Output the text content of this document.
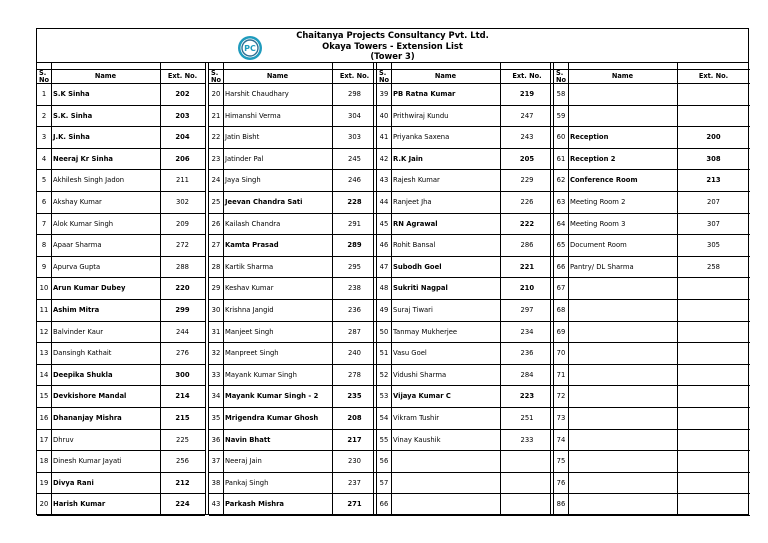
PC
Chaitanya Projects Consultancy Pvt. Ltd.
Okaya Towers - Extension List
(Tower 3)
S. No	Name	Ext. No.
1	S.K Sinha	202
2	S.K. Sinha	203
3	J.K. Sinha	204
4	Neeraj Kr Sinha	206
5	Akhilesh Singh Jadon	211
6	Akshay Kumar	302
7	Alok Kumar Singh	209
8	Apaar Sharma	272
9	Apurva Gupta	288
10 Arun Kumar Dubey	220
11 Ashim Mitra	299
12 Balvinder Kaur	244
13 Dansingh Kathait	276
14 Deepika Shukla	300
15 Devkishore Mandal	214
16 Dhananjay Mishra	215
17 Dhruv	225
18 Dinesh Kumar Jayati	256
19 Divya Rani	212
20 Harish Kumar	224
S. No	Name	Ext. No.
20 Harshit Chaudhary	298
21 Himanshi Verma	304
22 Jatin Bisht	303
23 Jatinder Pal	245
24 Jaya Singh	246
25 Jeevan Chandra Sati	228
26 Kailash Chandra	291
27 Kamta Prasad	289
28 Kartik Sharma	295
29 Keshav Kumar	238
30 Krishna Jangid	236
31 Manjeet Singh	287
32 Manpreet Singh	240
33 Mayank Kumar Singh	278
34 Mayank Kumar Singh - 2	235
35 Mrigendra Kumar Ghosh	208
36 Navin Bhatt	217
37 Neeraj Jain	230
38 Pankaj Singh	237
43 Parkash Mishra	271
S. No	Name	Ext. No.
39 PB Ratna Kumar	219
40 Prithwiraj Kundu	247
41 Priyanka Saxena	243
42 R.K Jain	205
43 Rajesh Kumar	229
44 Ranjeet Jha	226
45 RN Agrawal	222
46 Rohit Bansal	286
47 Subodh Goel	221
48 Sukriti Nagpal	210
49 Suraj Tiwari	297
50 Tanmay Mukherjee	234
51 Vasu Goel	236
52 Vidushi Sharma	284
53 Vijaya Kumar C	223
54 Vikram Tushir	251
55 Vinay Kaushik	233
56
57
66
S. No	Name	Ext. No.
58
59
60 Reception	200
61 Reception 2	308
62 Conference Room	213
63 Meeting Room 2	207
64 Meeting Room 3	307
65 Document Room	305
66 Pantry/ DL Sharma	258
67
68
69
70
71
72
73
74
75
76
86
